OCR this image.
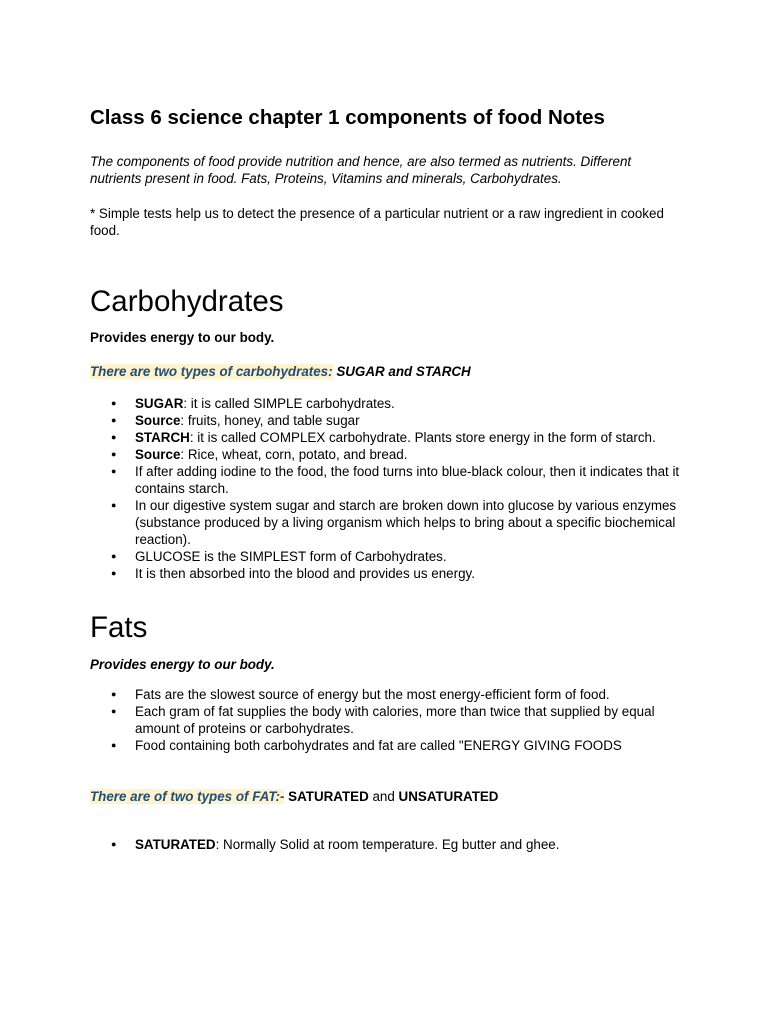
Class 6 science chapter 1 components of food Notes

The components of food provide nutrition and hence, are also termed as nutrients. Different nutrients present in food. Fats, Proteins, Vitamins and minerals, Carbohydrates.

* Simple tests help us to detect the presence of a particular nutrient or a raw ingredient in cooked food.

Carbohydrates

Provides energy to our body.

There are two types of carbohydrates: SUGAR and STARCH

● SUGAR: it is called SIMPLE carbohydrates.
● Source: fruits, honey, and table sugar
● STARCH: it is called COMPLEX carbohydrate. Plants store energy in the form of starch.
● Source: Rice, wheat, corn, potato, and bread.
● If after adding iodine to the food, the food turns into blue-black colour, then it indicates that it contains starch.
● In our digestive system sugar and starch are broken down into glucose by various enzymes (substance produced by a living organism which helps to bring about a specific biochemical reaction).
● GLUCOSE is the SIMPLEST form of Carbohydrates.
● It is then absorbed into the blood and provides us energy.
Fats

Provides energy to our body.

● Fats are the slowest source of energy but the most energy-efficient form of food.
● Each gram of fat supplies the body with calories, more than twice that supplied by equal amount of proteins or carbohydrates.
● Food containing both carbohydrates and fat are called "ENERGY GIVING FOODS

There are of two types of FAT:- SATURATED and UNSATURATED

● SATURATED: Normally Solid at room temperature. Eg butter and ghee.
